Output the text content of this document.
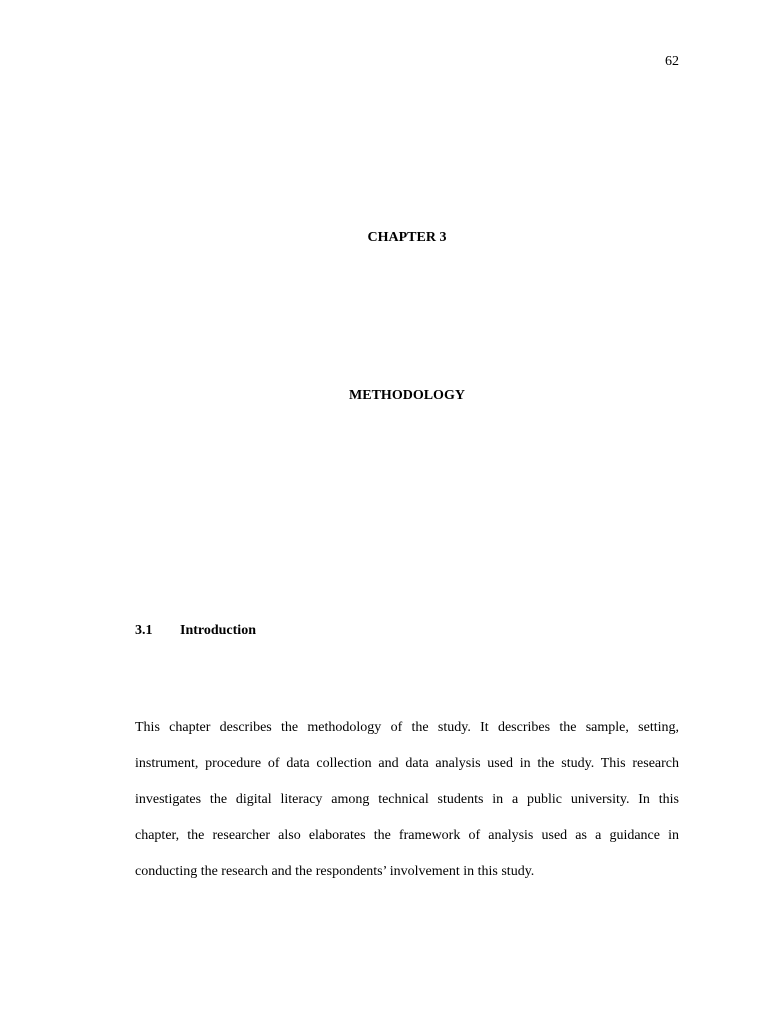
62
CHAPTER 3
METHODOLOGY
3.1	Introduction
This chapter describes the methodology of the study. It describes the sample, setting,
instrument, procedure of data collection and data analysis used in the study. This research
investigates the digital literacy among technical students in a public university. In this
chapter, the researcher also elaborates the framework of analysis used as a guidance in
conducting the research and the respondents’ involvement in this study.
